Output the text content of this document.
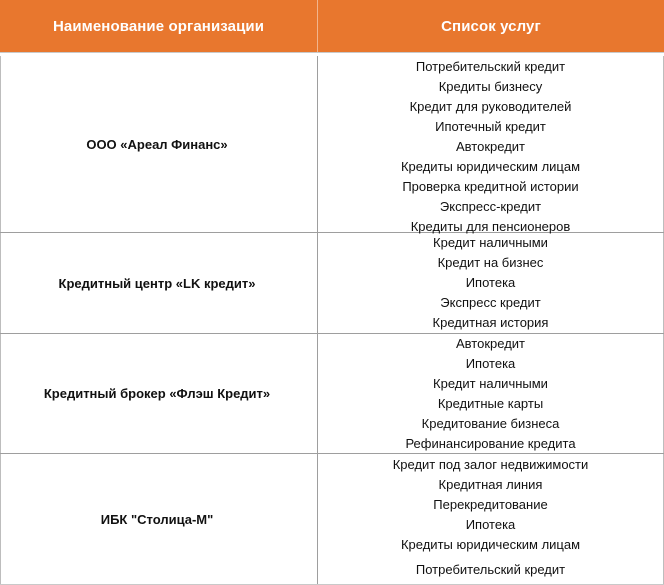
Наименование организации	Список услуг
ООО «Ареал Финанс»
Потребительский кредит
Кредиты бизнесу
Кредит для руководителей
Ипотечный кредит
Автокредит
Кредиты юридическим лицам
Проверка кредитной истории
Экспресс-кредит
Кредиты для пенсионеров
Кредитный центр «LK кредит»
Кредит наличными
Кредит на бизнес
Ипотека
Экспресс кредит
Кредитная история
Кредитный брокер «Флэш Кредит»
Автокредит
Ипотека
Кредит наличными
Кредитные карты
Кредитование бизнеса
Рефинансирование кредита
ИБК "Столица-М"
Кредит под залог недвижимости
Кредитная линия
Перекредитование
Ипотека
Кредиты юридическим лицам
Потребительский кредит
